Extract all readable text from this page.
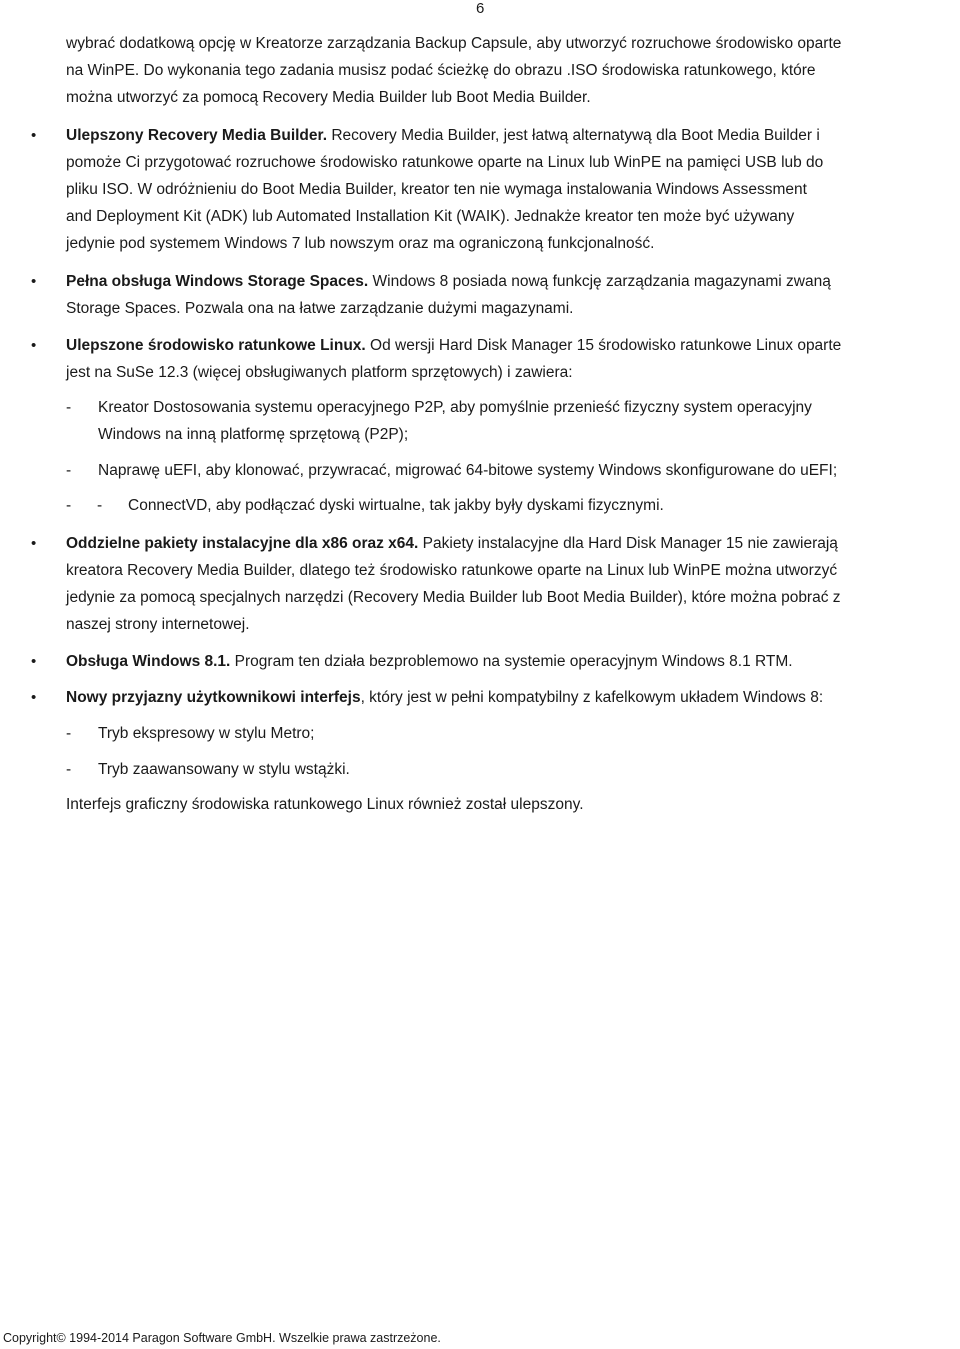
6
wybrać dodatkową opcję w Kreatorze zarządzania Backup Capsule, aby utworzyć rozruchowe środowisko oparte
na WinPE. Do wykonania tego zadania musisz podać ścieżkę do obrazu .ISO środowiska ratunkowego, które
można utworzyć za pomocą Recovery Media Builder lub Boot Media Builder.
• Ulepszony Recovery Media Builder. Recovery Media Builder, jest łatwą alternatywą dla Boot Media Builder i
pomoże Ci przygotować rozruchowe środowisko ratunkowe oparte na Linux lub WinPE na pamięci USB lub do
pliku ISO. W odróżnieniu do Boot Media Builder, kreator ten nie wymaga instalowania Windows Assessment
and Deployment Kit (ADK) lub Automated Installation Kit (WAIK). Jednakże kreator ten może być używany
jedynie pod systemem Windows 7 lub nowszym oraz ma ograniczoną funkcjonalność.
• Pełna obsługa Windows Storage Spaces. Windows 8 posiada nową funkcję zarządzania magazynami zwaną
Storage Spaces. Pozwala ona na łatwe zarządzanie dużymi magazynami.
• Ulepszone środowisko ratunkowe Linux. Od wersji Hard Disk Manager 15 środowisko ratunkowe Linux oparte
jest na SuSe 12.3 (więcej obsługiwanych platform sprzętowych) i zawiera:
-	Kreator Dostosowania systemu operacyjnego P2P, aby pomyślnie przenieść fizyczny system operacyjny
Windows na inną platformę sprzętową (P2P);
-	Naprawę uEFI, aby klonować, przywracać, migrować 64-bitowe systemy Windows skonfigurowane do uEFI;
- -	ConnectVD, aby podłączać dyski wirtualne, tak jakby były dyskami fizycznymi.
• Oddzielne pakiety instalacyjne dla x86 oraz x64. Pakiety instalacyjne dla Hard Disk Manager 15 nie zawierają
kreatora Recovery Media Builder, dlatego też środowisko ratunkowe oparte na Linux lub WinPE można utworzyć
jedynie za pomocą specjalnych narzędzi (Recovery Media Builder lub Boot Media Builder), które można pobrać z
naszej strony internetowej.
• Obsługa Windows 8.1. Program ten działa bezproblemowo na systemie operacyjnym Windows 8.1 RTM.
• Nowy przyjazny użytkownikowi interfejs, który jest w pełni kompatybilny z kafelkowym układem Windows 8:
-	Tryb ekspresowy w stylu Metro;
-	Tryb zaawansowany w stylu wstążki.
Interfejs graficzny środowiska ratunkowego Linux również został ulepszony.
Copyright© 1994-2014 Paragon Software GmbH. Wszelkie prawa zastrzeżone.
